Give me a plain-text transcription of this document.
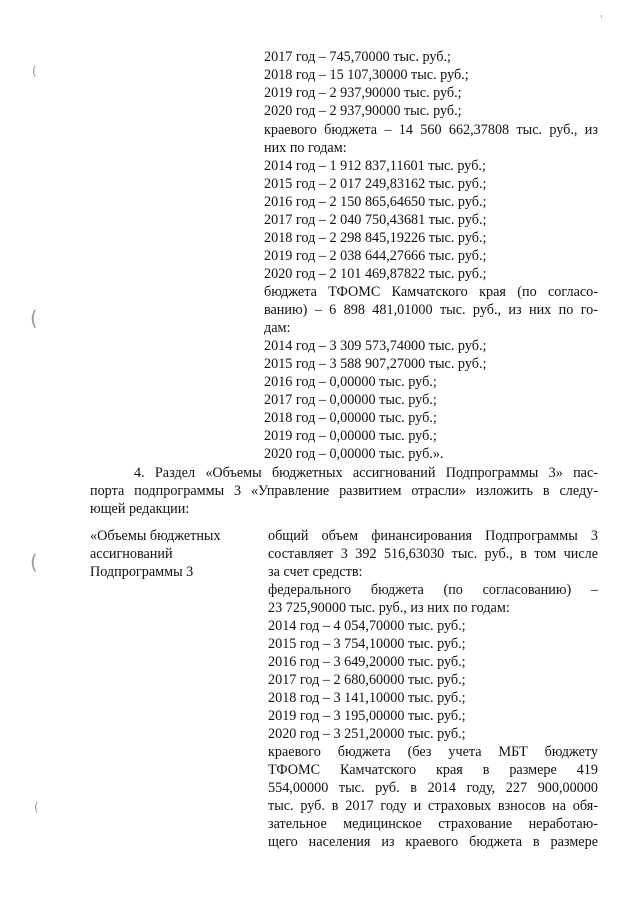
(
(
(
(
'
2017 год – 745,70000 тыс. руб.;
2018 год – 15 107,30000 тыс. руб.;
2019 год – 2 937,90000 тыс. руб.;
2020 год – 2 937,90000 тыс. руб.;
краевого бюджета – 14 560 662,37808 тыс. руб., из
них по годам:
2014 год – 1 912 837,11601 тыс. руб.;
2015 год – 2 017 249,83162 тыс. руб.;
2016 год – 2 150 865,64650 тыс. руб.;
2017 год – 2 040 750,43681 тыс. руб.;
2018 год – 2 298 845,19226 тыс. руб.;
2019 год – 2 038 644,27666 тыс. руб.;
2020 год – 2 101 469,87822 тыс. руб.;
бюджета ТФОМС Камчатского края (по согласо-
ванию) – 6 898 481,01000 тыс. руб., из них по го-
дам:
2014 год – 3 309 573,74000 тыс. руб.;
2015 год – 3 588 907,27000 тыс. руб.;
2016 год – 0,00000 тыс. руб.;
2017 год – 0,00000 тыс. руб.;
2018 год – 0,00000 тыс. руб.;
2019 год – 0,00000 тыс. руб.;
2020 год – 0,00000 тыс. руб.».
4. Раздел «Объемы бюджетных ассигнований Подпрограммы 3» пас-
порта подпрограммы 3 «Управление развитием отрасли» изложить в следу-
ющей редакции:
«Объемы бюджетных
ассигнований
Подпрограммы 3
общий объем финансирования Подпрограммы 3
составляет 3 392 516,63030 тыс. руб., в том числе
за счет средств:
федерального бюджета (по согласованию) –
23 725,90000 тыс. руб., из них по годам:
2014 год – 4 054,70000 тыс. руб.;
2015 год – 3 754,10000 тыс. руб.;
2016 год – 3 649,20000 тыс. руб.;
2017 год – 2 680,60000 тыс. руб.;
2018 год – 3 141,10000 тыс. руб.;
2019 год – 3 195,00000 тыс. руб.;
2020 год – 3 251,20000 тыс. руб.;
краевого бюджета (без учета МБТ бюджету
ТФОМС Камчатского края в размере 419
554,00000 тыс. руб. в 2014 году, 227 900,00000
тыс. руб. в 2017 году и страховых взносов на обя-
зательное медицинское страхование неработаю-
щего населения из краевого бюджета в размере
